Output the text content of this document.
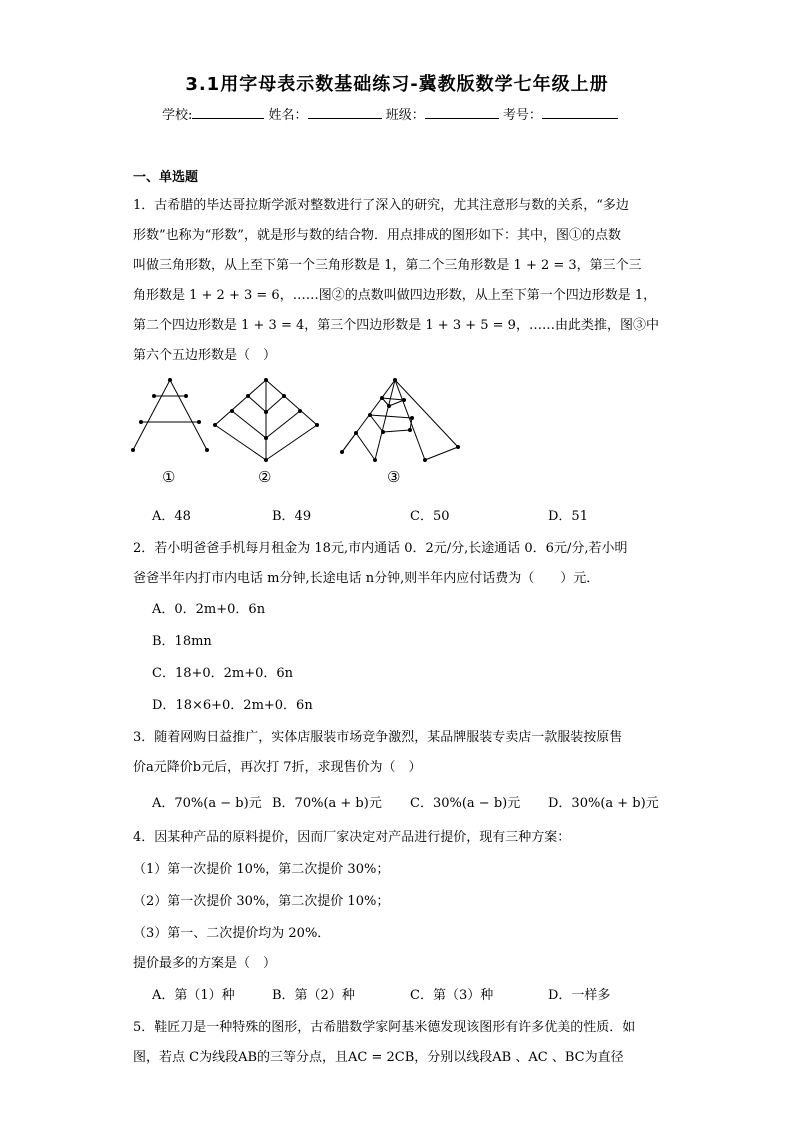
3.1用字母表示数基础练习-冀教版数学七年级上册
学校:	姓名：	班级：	考号：
一、单选题
1．古希腊的毕达哥拉斯学派对整数进行了深入的研究，尤其注意形与数的关系，“多边
形数”也称为“形数”，就是形与数的结合物．用点排成的图形如下：其中，图①的点数
叫做三角形数，从上至下第一个三角形数是 1，第二个三角形数是 1 + 2 = 3，第三个三
角形数是 1 + 2 + 3 = 6，……图②的点数叫做四边形数，从上至下第一个四边形数是 1，
第二个四边形数是 1 + 3 = 4，第三个四边形数是 1 + 3 + 5 = 9，……由此类推，图③中
第六个五边形数是（　）
①	②	③
A．48	B．49	C．50	D．51
2．若小明爸爸手机每月租金为 18元,市内通话 0．2元/分,长途通话 0．6元/分,若小明
爸爸半年内打市内电话 m分钟,长途电话 n分钟,则半年内应付话费为（　　）元．
A．0．2m+0．6n
B．18mn
C．18+0．2m+0．6n
D．18×6+0．2m+0．6n
3．随着网购日益推广，实体店服装市场竞争激烈，某品牌服装专卖店一款服装按原售
价a元降价b元后，再次打 7折，求现售价为（　）
A．70%(a − b)元 B．70%(a + b)元 C．30%(a − b)元 D．30%(a + b)元
4．因某种产品的原料提价，因而厂家决定对产品进行提价，现有三种方案：
（1）第一次提价 10%，第二次提价 30%；
（2）第一次提价 30%，第二次提价 10%；
（3）第一、二次提价均为 20%．
提价最多的方案是（　）
A．第（1）种	B．第（2）种	C．第（3）种	D．一样多
5．鞋匠刀是一种特殊的图形，古希腊数学家阿基米德发现该图形有许多优美的性质．如
图，若点 C为线段AB的三等分点，且AC = 2CB，分别以线段AB 、AC 、BC为直径
